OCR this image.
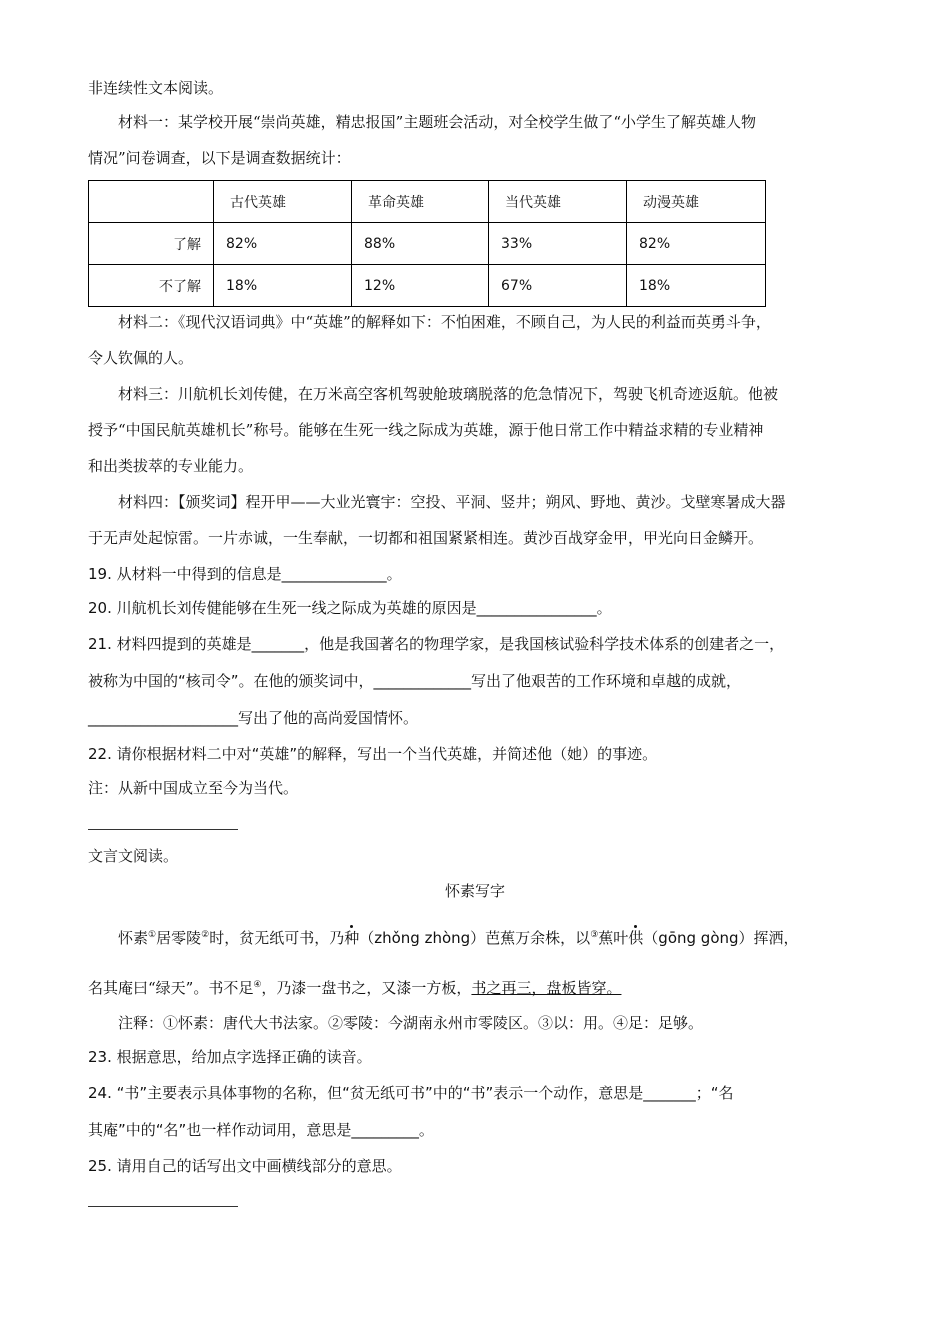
非连续性文本阅读。
材料一：某学校开展“崇尚英雄，精忠报国”主题班会活动，对全校学生做了“小学生了解英雄人物
情况”问卷调查，以下是调查数据统计：
	古代英雄	革命英雄	当代英雄	动漫英雄
了解	82%	88%	33%	82%
不了解	18%	12%	67%	18%
材料二：《现代汉语词典》中“英雄”的解释如下：不怕困难，不顾自己，为人民的利益而英勇斗争，
令人钦佩的人。
材料三：川航机长刘传健，在万米高空客机驾驶舱玻璃脱落的危急情况下，驾驶飞机奇迹返航。他被
授予“中国民航英雄机长”称号。能够在生死一线之际成为英雄，源于他日常工作中精益求精的专业精神
和出类拔萃的专业能力。
材料四：【颁奖词】程开甲——大业光寰宇：空投、平洞、竖井；朔风、野地、黄沙。戈壁寒暑成大器
于无声处起惊雷。一片赤诚，一生奉献，一切都和祖国紧紧相连。黄沙百战穿金甲，甲光向日金鳞开。
19. 从材料一中得到的信息是______________。
20. 川航机长刘传健能够在生死一线之际成为英雄的原因是________________。
21. 材料四提到的英雄是_______，他是我国著名的物理学家，是我国核试验科学技术体系的创建者之一，
被称为中国的“核司令”。在他的颁奖词中，_____________写出了他艰苦的工作环境和卓越的成就，
____________________写出了他的高尚爱国情怀。
22. 请你根据材料二中对“英雄”的解释，写出一个当代英雄，并简述他（她）的事迹。
注：从新中国成立至今为当代。
文言文阅读。
怀素写字
怀素①居零陵②时，贫无纸可书，乃种（zhǒng zhòng）芭蕉万余株，以③蕉叶供（gōng gòng）挥洒，
名其庵曰“绿天”。书不足④，乃漆一盘书之，又漆一方板，书之再三，盘板皆穿。
注释：①怀素：唐代大书法家。②零陵：今湖南永州市零陵区。③以：用。④足：足够。
23. 根据意思，给加点字选择正确的读音。
24. “书”主要表示具体事物的名称，但“贫无纸可书”中的“书”表示一个动作，意思是_______；“名
其庵”中的“名”也一样作动词用，意思是_________。
25. 请用自己的话写出文中画横线部分的意思。
